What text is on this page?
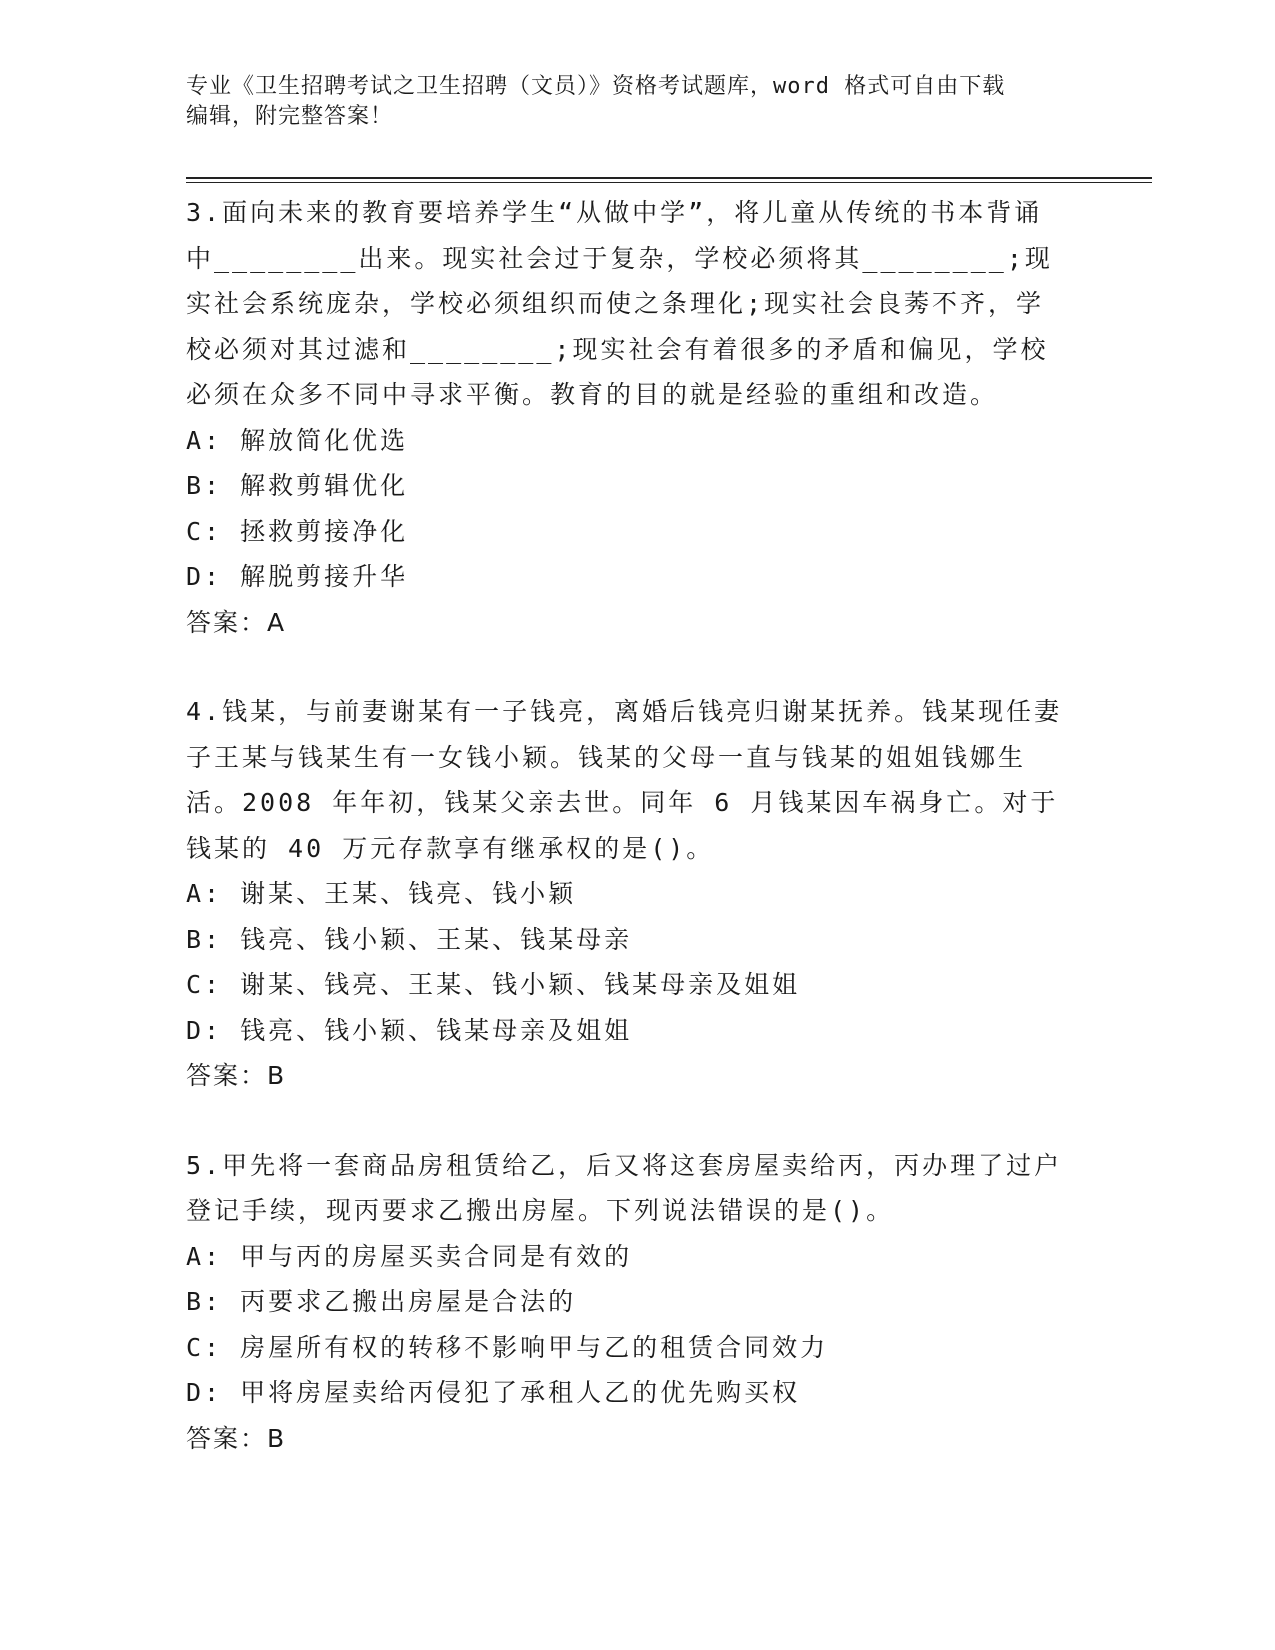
专业《卫生招聘考试之卫生招聘（文员）》资格考试题库，word 格式可自由下载
编辑，附完整答案！
3.面向未来的教育要培养学生“从做中学”，将儿童从传统的书本背诵中________出来。现实社会过于复杂，学校必须将其________;现实社会系统庞杂，学校必须组织而使之条理化;现实社会良莠不齐，学校必须对其过滤和________;现实社会有着很多的矛盾和偏见，学校必须在众多不同中寻求平衡。教育的目的就是经验的重组和改造。
A: 解放简化优选
B: 解救剪辑优化
C: 拯救剪接净化
D: 解脱剪接升华
答案：A
4.钱某，与前妻谢某有一子钱亮，离婚后钱亮归谢某抚养。钱某现任妻子王某与钱某生有一女钱小颖。钱某的父母一直与钱某的姐姐钱娜生活。2008 年年初，钱某父亲去世。同年 6 月钱某因车祸身亡。对于钱某的 40 万元存款享有继承权的是()。
A: 谢某、王某、钱亮、钱小颖
B: 钱亮、钱小颖、王某、钱某母亲
C: 谢某、钱亮、王某、钱小颖、钱某母亲及姐姐
D: 钱亮、钱小颖、钱某母亲及姐姐
答案：B
5.甲先将一套商品房租赁给乙，后又将这套房屋卖给丙，丙办理了过户登记手续，现丙要求乙搬出房屋。下列说法错误的是()。
A: 甲与丙的房屋买卖合同是有效的
B: 丙要求乙搬出房屋是合法的
C: 房屋所有权的转移不影响甲与乙的租赁合同效力
D: 甲将房屋卖给丙侵犯了承租人乙的优先购买权
答案：B
